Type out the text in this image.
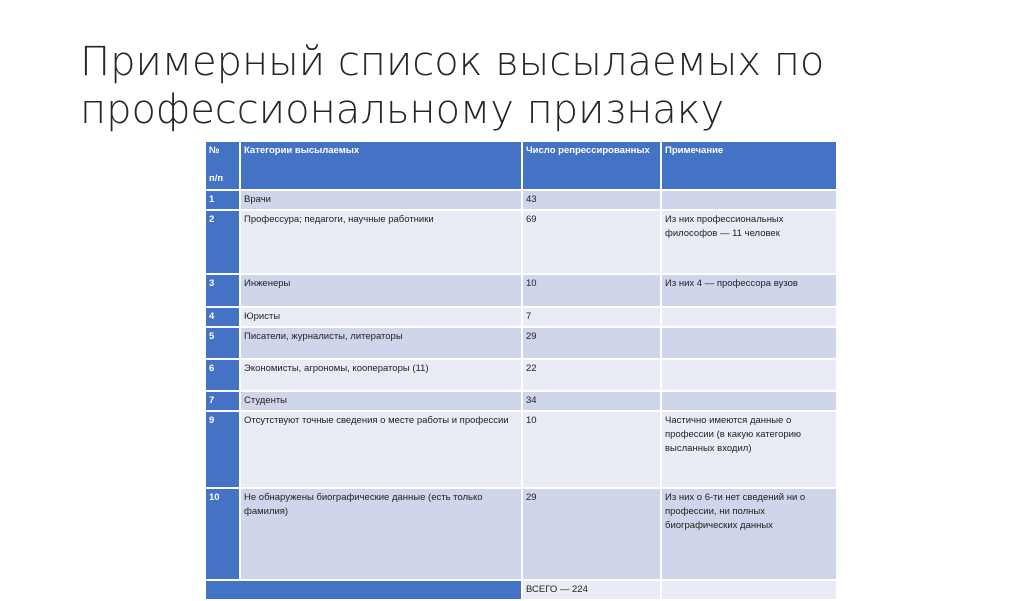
Примерный список высылаемых по профессиональному признаку
№

п/п	Категории высылаемых	Число репрессированных	Примечание
1	Врачи	43	
2	Профессура; педагоги, научные работники	69	Из них профессиональных философов — 11 человек
3	Инженеры	10	Из них 4 — профессора вузов
4	Юристы	7	
5	Писатели, журналисты, литераторы	29	
6	Экономисты, агрономы, кооператоры (11)	22	
7	Студенты	34	
9	Отсутствуют точные сведения о месте работы и профессии	10	Частично имеются данные о профессии (в какую категорию высланных входил)
10	Не обнаружены биографические данные (есть только фамилия)	29	Из них о 6-ти нет сведений ни о профессии, ни полных биографических данных
		ВСЕГО — 224	
